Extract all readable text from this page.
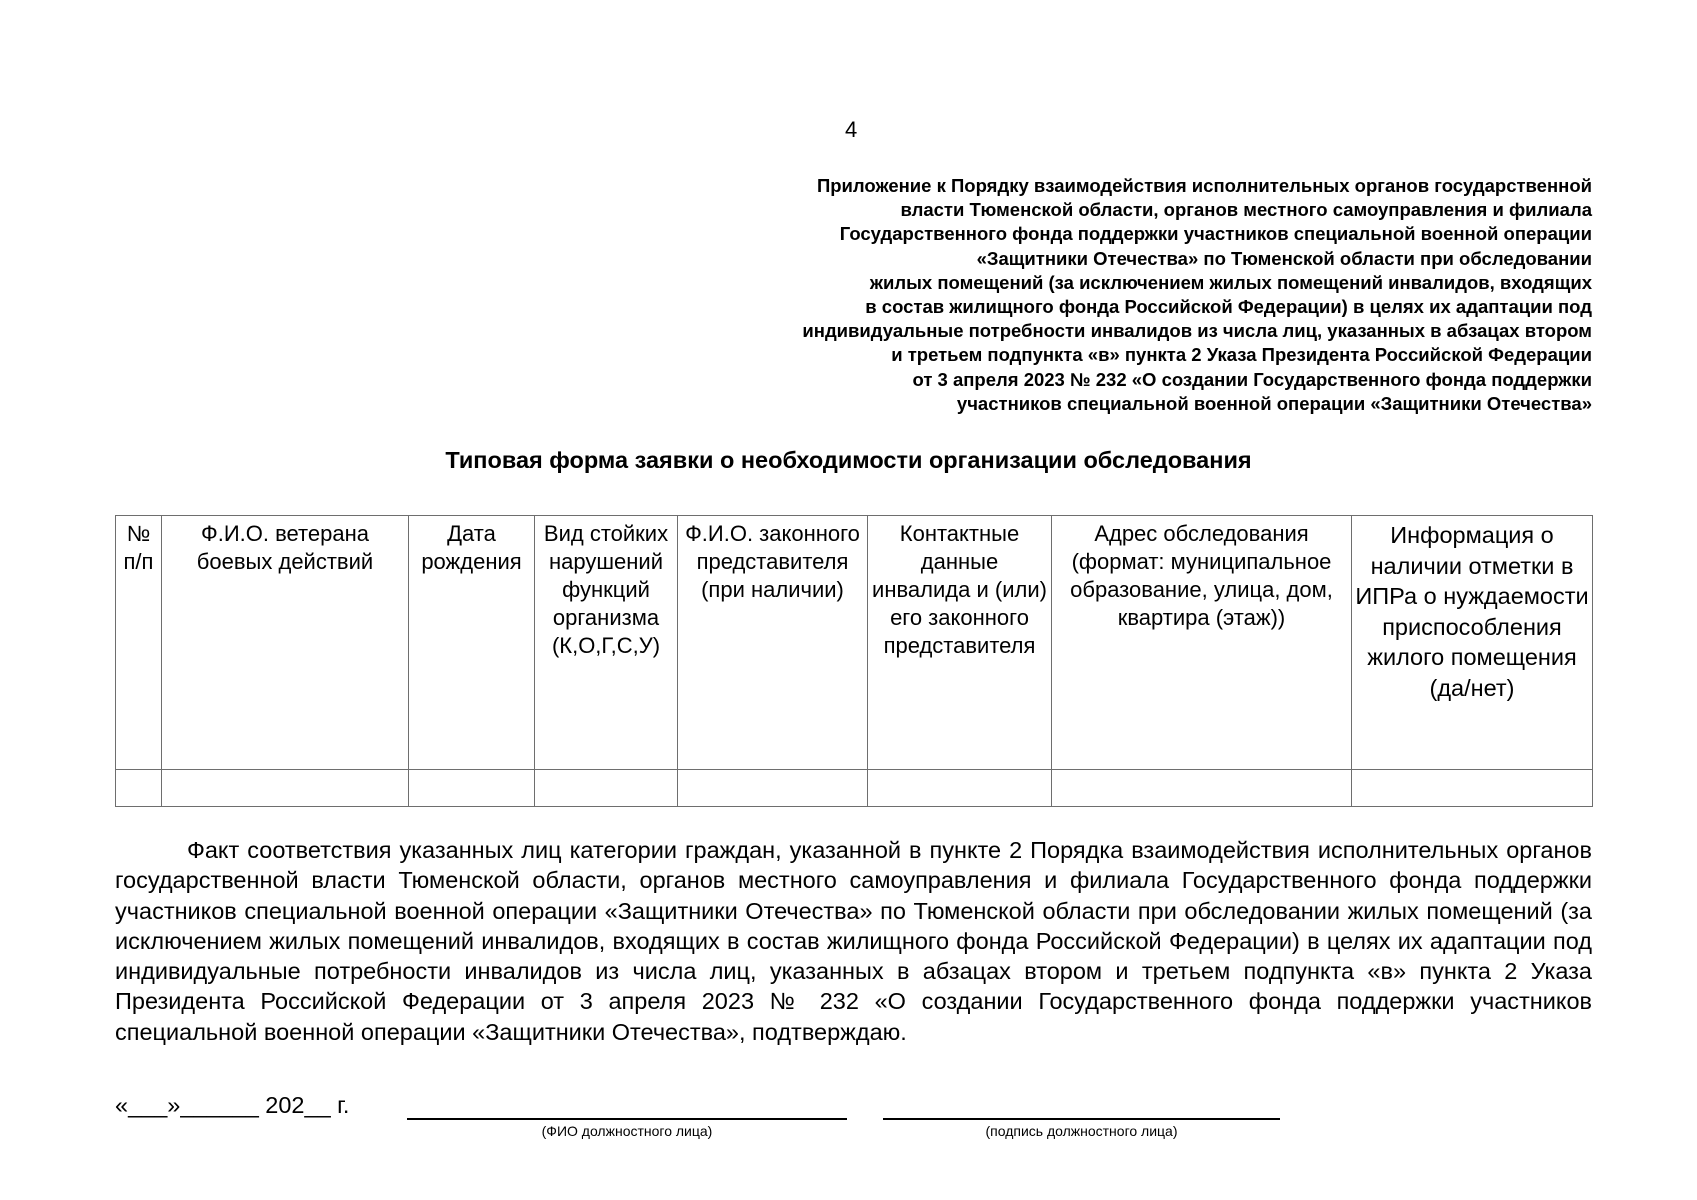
4
Приложение к Порядку взаимодействия исполнительных органов государственной
власти Тюменской области, органов местного самоуправления и филиала
Государственного фонда поддержки участников специальной военной операции
«Защитники Отечества» по Тюменской области при обследовании
жилых помещений (за исключением жилых помещений инвалидов, входящих
в состав жилищного фонда Российской Федерации) в целях их адаптации под
индивидуальные потребности инвалидов из числа лиц, указанных в абзацах втором
и третьем подпункта «в» пункта 2 Указа Президента Российской Федерации
от 3 апреля 2023 № 232 «О создании Государственного фонда поддержки
участников специальной военной операции «Защитники Отечества»
Типовая форма заявки о необходимости организации обследования
№ п/п	Ф.И.О. ветерана боевых действий	Дата рождения	Вид стойких нарушений функций организма (К,О,Г,С,У)	Ф.И.О. законного представителя (при наличии)	Контактные данные инвалида и (или) его законного представителя	Адрес обследования (формат: муниципальное образование, улица, дом, квартира (этаж))	Информация о наличии отметки в ИПРа о нуждаемости приспособления жилого помещения (да/нет)

Факт соответствия указанных лиц категории граждан, указанной в пункте 2 Порядка взаимодействия исполнительных органов государственной власти Тюменской области, органов местного самоуправления и филиала Государственного фонда поддержки участников специальной военной операции «Защитники Отечества» по Тюменской области при обследовании жилых помещений (за исключением жилых помещений инвалидов, входящих в состав жилищного фонда Российской Федерации) в целях их адаптации под индивидуальные потребности инвалидов из числа лиц, указанных в абзацах втором и третьем подпункта «в» пункта 2 Указа Президента Российской Федерации от 3 апреля 2023 № 232 «О создании Государственного фонда поддержки участников специальной военной операции «Защитники Отечества», подтверждаю.
«___»______ 202__ г.
(ФИО должностного лица)	(подпись должностного лица)
